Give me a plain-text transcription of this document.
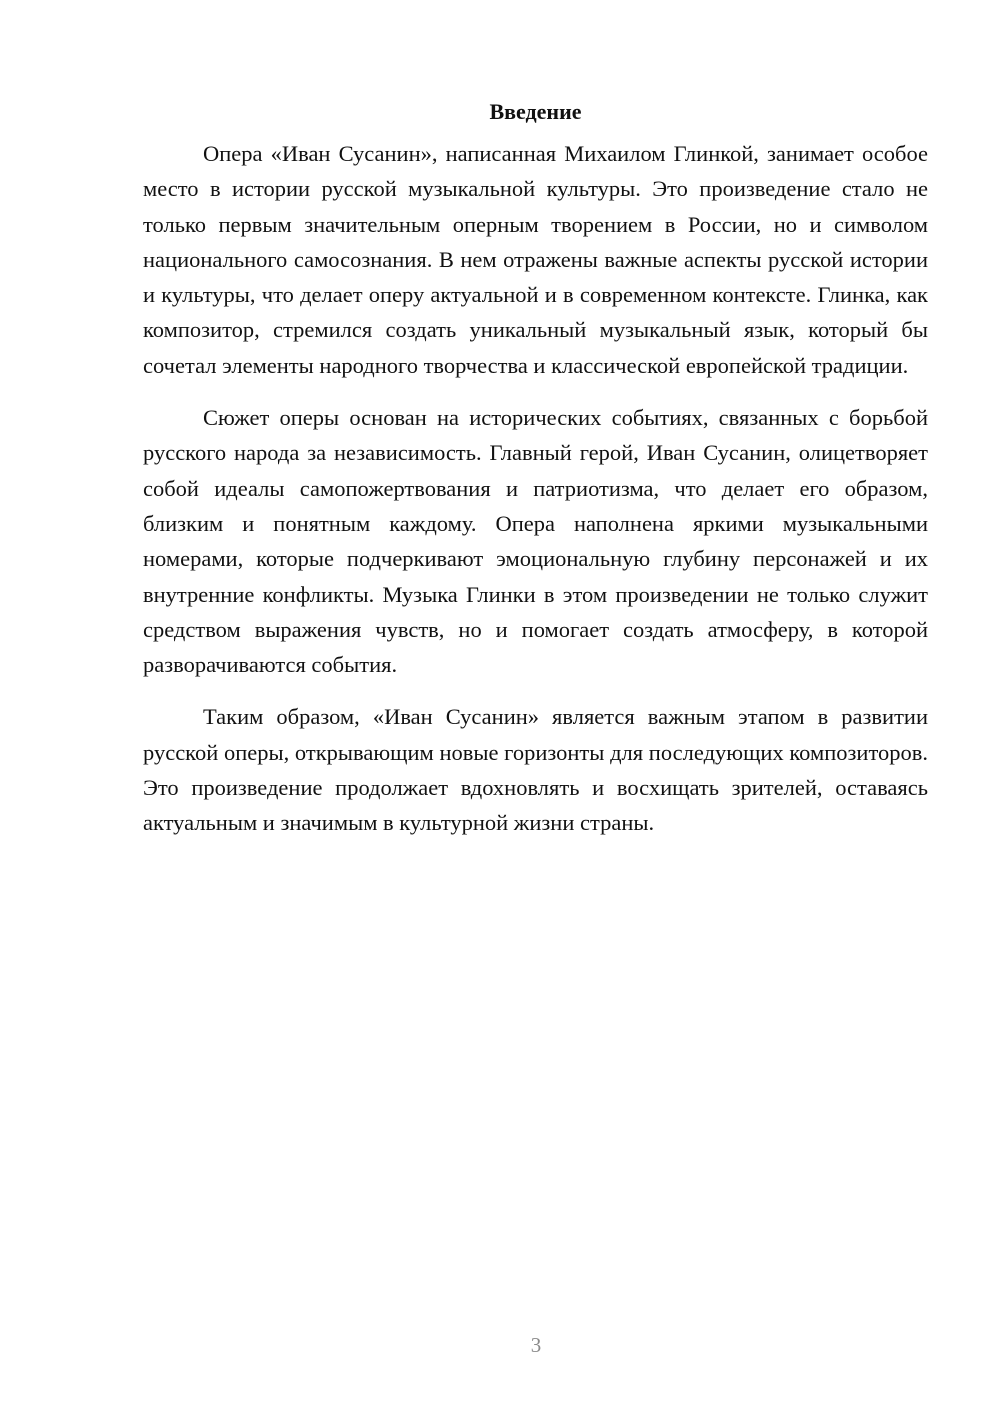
Введение

Опера «Иван Сусанин», написанная Михаилом Глинкой, занимает особое место в истории русской музыкальной культуры. Это произведение стало не только первым значительным оперным творением в России, но и символом национального самосознания. В нем отражены важные аспекты русской истории и культуры, что делает оперу актуальной и в современном контексте. Глинка, как композитор, стремился создать уникальный музыкальный язык, который бы сочетал элементы народного творчества и классической европейской традиции.

Сюжет оперы основан на исторических событиях, связанных с борьбой русского народа за независимость. Главный герой, Иван Сусанин, олицетворяет собой идеалы самопожертвования и патриотизма, что делает его образом, близким и понятным каждому. Опера наполнена яркими музыкальными номерами, которые подчеркивают эмоциональную глубину персонажей и их внутренние конфликты. Музыка Глинки в этом произведении не только служит средством выражения чувств, но и помогает создать атмосферу, в которой разворачиваются события.

Таким образом, «Иван Сусанин» является важным этапом в развитии русской оперы, открывающим новые горизонты для последующих композиторов. Это произведение продолжает вдохновлять и восхищать зрителей, оставаясь актуальным и значимым в культурной жизни страны.

3
